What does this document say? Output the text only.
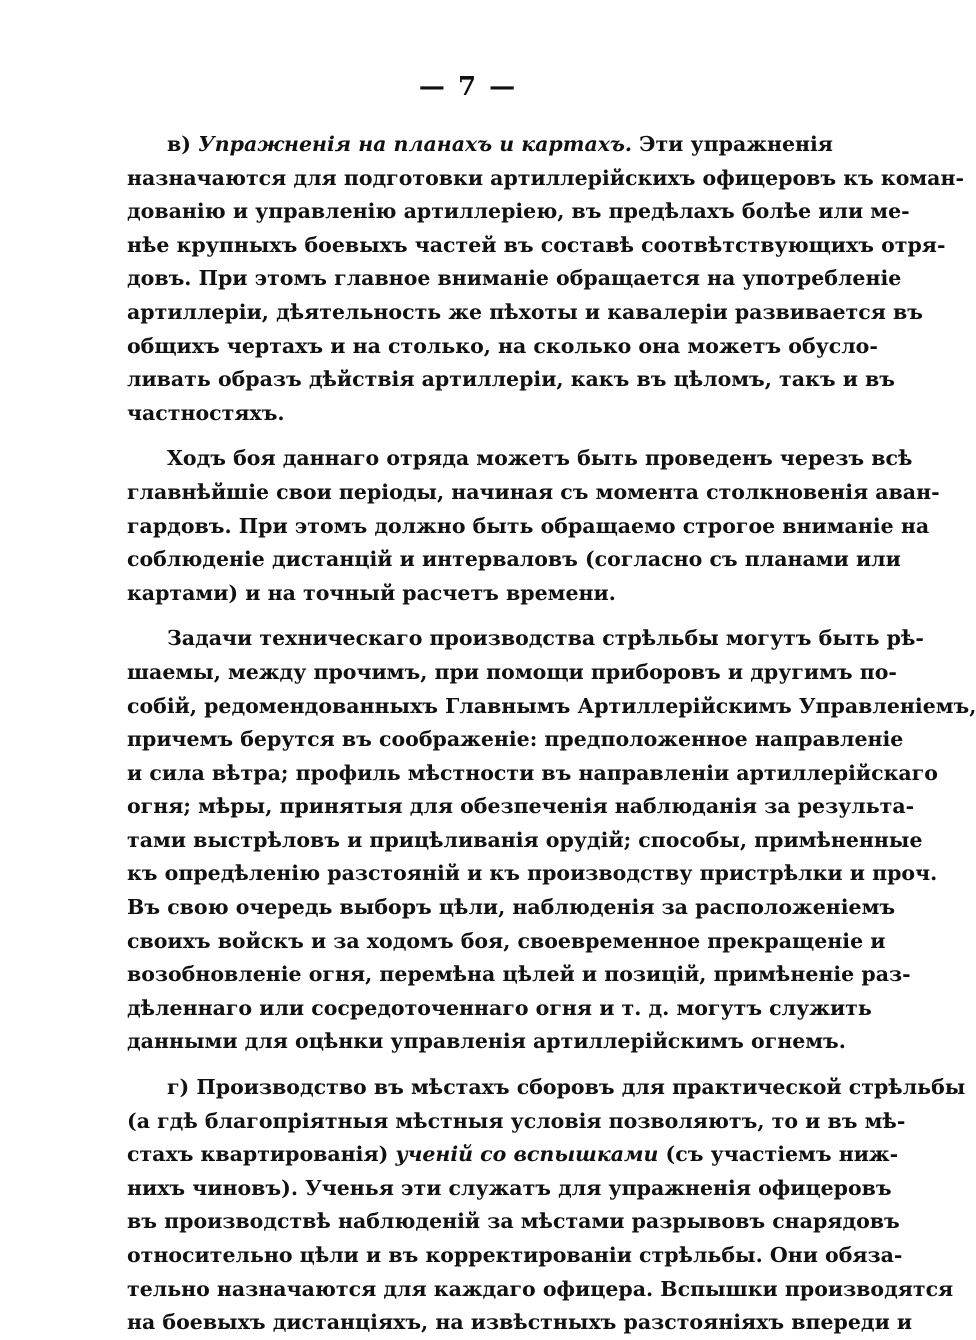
— 7 —
в) Упражненія на планахъ и картахъ. Эти упражненія
назначаются для подготовки артиллерійскихъ офицеровъ къ коман-
дованію и управленію артиллеріею, въ предѣлахъ болѣе или ме-
нѣе крупныхъ боевыхъ частей въ составѣ соотвѣтствующихъ отря-
довъ. При этомъ главное вниманіе обращается на употребленіе
артиллеріи, дѣятельность же пѣхоты и кавалеріи развивается въ
общихъ чертахъ и на столько, на сколько она можетъ обусло-
ливать образъ дѣйствія артиллеріи, какъ въ цѣломъ, такъ и въ
частностяхъ.
Ходъ боя даннаго отряда можетъ быть проведенъ черезъ всѣ
главнѣйшіе свои періоды, начиная съ момента столкновенія аван-
гардовъ. При этомъ должно быть обращаемо строгое вниманіе на
соблюденіе дистанцій и интерваловъ (согласно съ планами или
картами) и на точный расчетъ времени.
Задачи техническаго производства стрѣльбы могутъ быть рѣ-
шаемы, между прочимъ, при помощи приборовъ и другимъ по-
собій, редомендованныхъ Главнымъ Артиллерійскимъ Управленіемъ,
причемъ берутся въ соображеніе: предположенное направленіе
и сила вѣтра; профиль мѣстности въ направленіи артиллерійскаго
огня; мѣры, принятыя для обезпеченія наблюданія за результа-
тами выстрѣловъ и прицѣливанія орудій; способы, примѣненные
къ опредѣленію разстояній и къ производству пристрѣлки и проч.
Въ свою очередь выборъ цѣли, наблюденія за расположеніемъ
своихъ войскъ и за ходомъ боя, своевременное прекращеніе и
возобновленіе огня, перемѣна цѣлей и позицій, примѣненіе раз-
дѣленнаго или сосредоточеннаго огня и т. д. могутъ служить
данными для оцѣнки управленія артиллерійскимъ огнемъ.
г) Производство въ мѣстахъ сборовъ для практической стрѣльбы
(а гдѣ благопріятныя мѣстныя условія позволяютъ, то и въ мѣ-
стахъ квартированія) ученій со вспышками (съ участіемъ ниж-
нихъ чиновъ). Ученья эти служатъ для упражненія офицеровъ
въ производствѣ наблюденій за мѣстами разрывовъ снарядовъ
относительно цѣли и въ корректированіи стрѣльбы. Они обяза-
тельно назначаются для каждаго офицера. Вспышки производятся
на боевыхъ дистанціяхъ, на извѣстныхъ разстояніяхъ впереди и
